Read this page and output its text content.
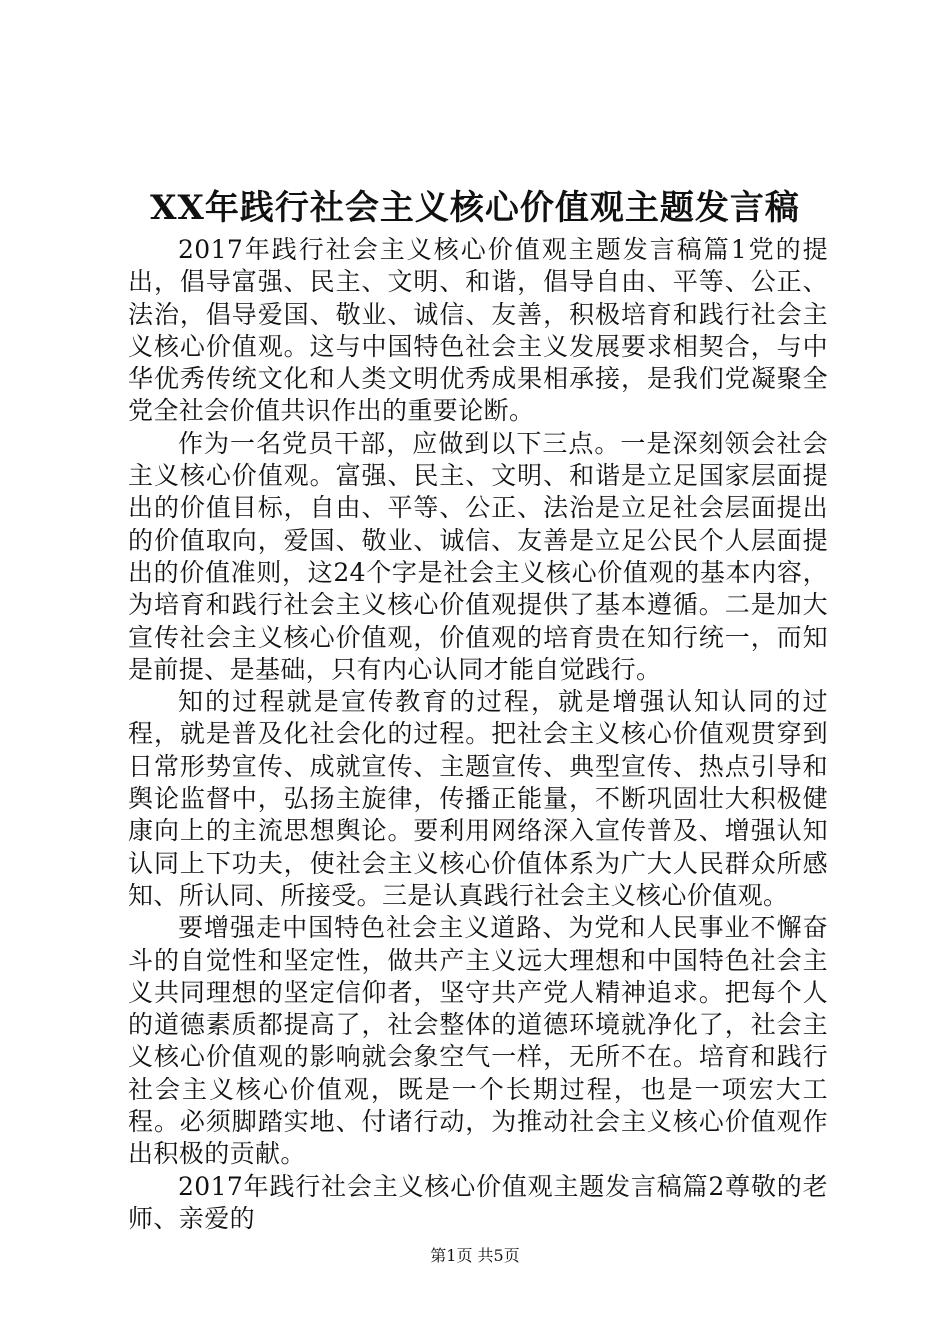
XX年践行社会主义核心价值观主题发言稿

2017年践行社会主义核心价值观主题发言稿篇1党的提出，倡导富强、民主、文明、和谐，倡导自由、平等、公正、法治，倡导爱国、敬业、诚信、友善，积极培育和践行社会主义核心价值观。这与中国特色社会主义发展要求相契合，与中华优秀传统文化和人类文明优秀成果相承接，是我们党凝聚全党全社会价值共识作出的重要论断。

作为一名党员干部，应做到以下三点。一是深刻领会社会主义核心价值观。富强、民主、文明、和谐是立足国家层面提出的价值目标，自由、平等、公正、法治是立足社会层面提出的价值取向，爱国、敬业、诚信、友善是立足公民个人层面提出的价值准则，这24个字是社会主义核心价值观的基本内容，为培育和践行社会主义核心价值观提供了基本遵循。二是加大宣传社会主义核心价值观，价值观的培育贵在知行统一，而知是前提、是基础，只有内心认同才能自觉践行。

知的过程就是宣传教育的过程，就是增强认知认同的过程，就是普及化社会化的过程。把社会主义核心价值观贯穿到日常形势宣传、成就宣传、主题宣传、典型宣传、热点引导和舆论监督中，弘扬主旋律，传播正能量，不断巩固壮大积极健康向上的主流思想舆论。要利用网络深入宣传普及、增强认知认同上下功夫，使社会主义核心价值体系为广大人民群众所感知、所认同、所接受。三是认真践行社会主义核心价值观。

要增强走中国特色社会主义道路、为党和人民事业不懈奋斗的自觉性和坚定性，做共产主义远大理想和中国特色社会主义共同理想的坚定信仰者，坚守共产党人精神追求。把每个人的道德素质都提高了，社会整体的道德环境就净化了，社会主义核心价值观的影响就会象空气一样，无所不在。培育和践行社会主义核心价值观，既是一个长期过程，也是一项宏大工程。必须脚踏实地、付诸行动，为推动社会主义核心价值观作出积极的贡献。

2017年践行社会主义核心价值观主题发言稿篇2尊敬的老师、亲爱的

第1页 共5页
